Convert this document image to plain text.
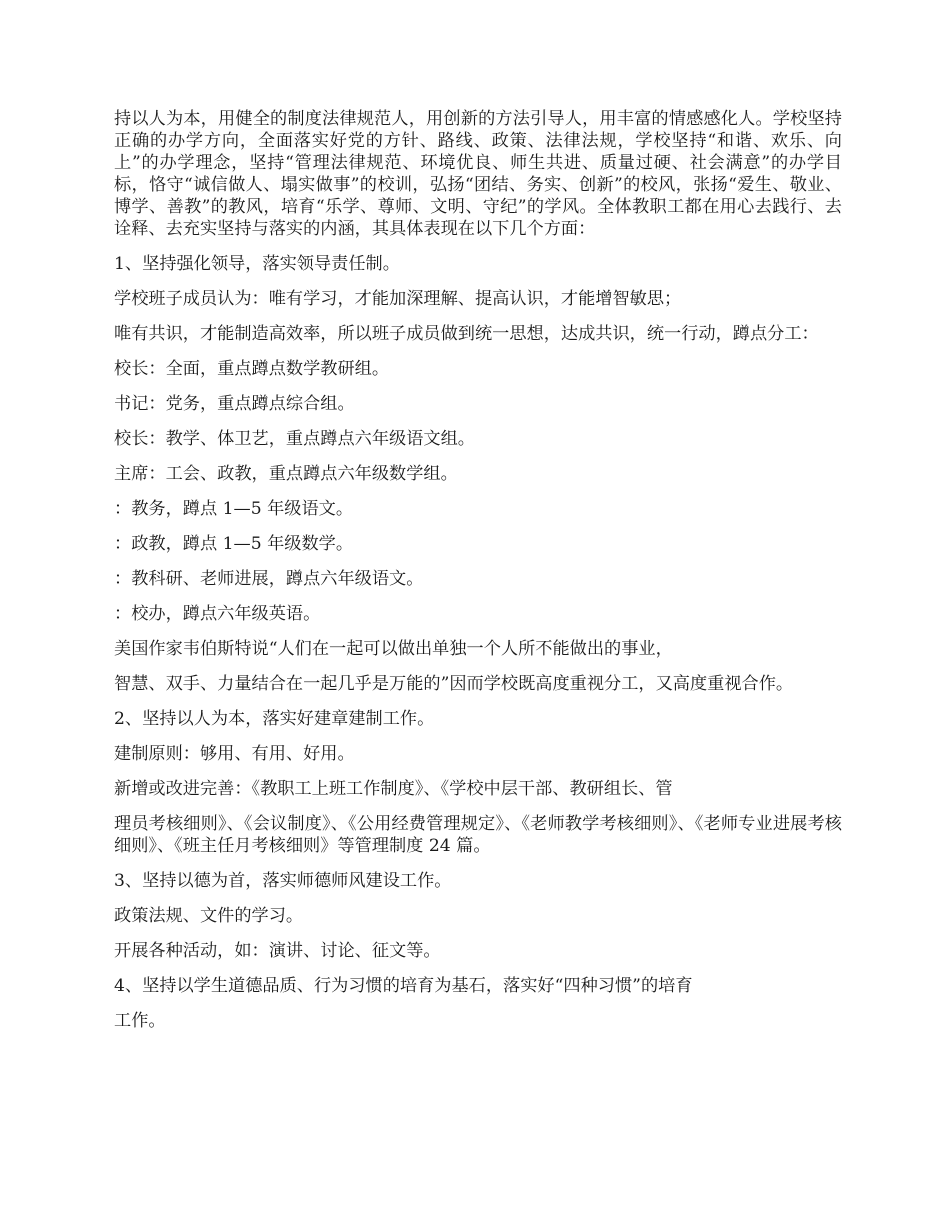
持以人为本，用健全的制度法律规范人，用创新的方法引导人，用丰富的情感感化人。学校坚持正确的办学方向，全面落实好党的方针、路线、政策、法律法规，学校坚持“和谐、欢乐、向上”的办学理念，坚持“管理法律规范、环境优良、师生共进、质量过硬、社会满意”的办学目标，恪守“诚信做人、塌实做事”的校训，弘扬“团结、务实、创新”的校风，张扬“爱生、敬业、博学、善教”的教风，培育“乐学、尊师、文明、守纪”的学风。全体教职工都在用心去践行、去诠释、去充实坚持与落实的内涵，其具体表现在以下几个方面：

1、坚持强化领导，落实领导责任制。

学校班子成员认为：唯有学习，才能加深理解、提高认识，才能增智敏思；

唯有共识，才能制造高效率，所以班子成员做到统一思想，达成共识，统一行动，蹲点分工：

校长：全面，重点蹲点数学教研组。

书记：党务，重点蹲点综合组。

校长：教学、体卫艺，重点蹲点六年级语文组。

主席：工会、政教，重点蹲点六年级数学组。

：教务，蹲点 1—5 年级语文。

：政教，蹲点 1—5 年级数学。

：教科研、老师进展，蹲点六年级语文。

：校办，蹲点六年级英语。

美国作家韦伯斯特说“人们在一起可以做出单独一个人所不能做出的事业，

智慧、双手、力量结合在一起几乎是万能的”因而学校既高度重视分工，又高度重视合作。

2、坚持以人为本，落实好建章建制工作。

建制原则：够用、有用、好用。

新增或改进完善：《教职工上班工作制度》、《学校中层干部、教研组长、管

理员考核细则》、《会议制度》、《公用经费管理规定》、《老师教学考核细则》、《老师专业进展考核细则》、《班主任月考核细则》等管理制度 24 篇。

3、坚持以德为首，落实师德师风建设工作。

政策法规、文件的学习。

开展各种活动，如：演讲、讨论、征文等。

4、坚持以学生道德品质、行为习惯的培育为基石，落实好“四种习惯”的培育

工作。
